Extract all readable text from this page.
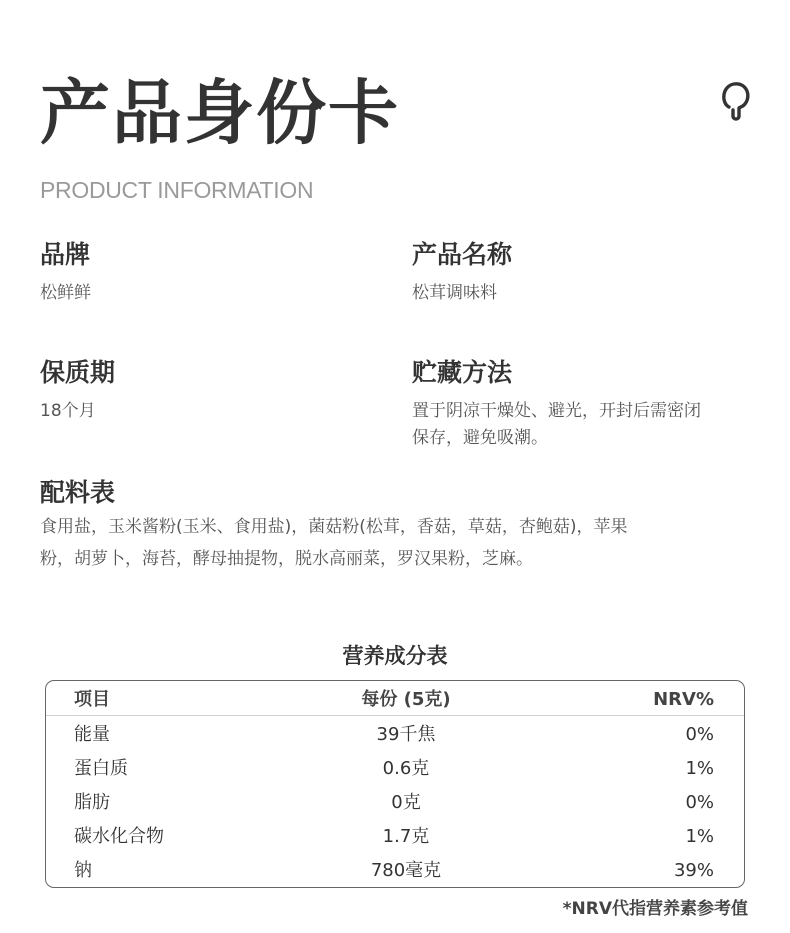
产品身份卡
PRODUCT INFORMATION
品牌
松鲜鲜
产品名称
松茸调味料
保质期
18个月
贮藏方法
置于阴凉干燥处、避光，开封后需密闭
保存，避免吸潮。
配料表
食用盐，玉米酱粉(玉米、食用盐)，菌菇粉(松茸，香菇，草菇，杏鲍菇)，苹果
粉，胡萝卜，海苔，酵母抽提物，脱水高丽菜，罗汉果粉，芝麻。
营养成分表
项目	每份 (5克)	NRV%
能量	39千焦	0%
蛋白质	0.6克	1%
脂肪	0克	0%
碳水化合物	1.7克	1%
钠	780毫克	39%
*NRV代指营养素参考值
